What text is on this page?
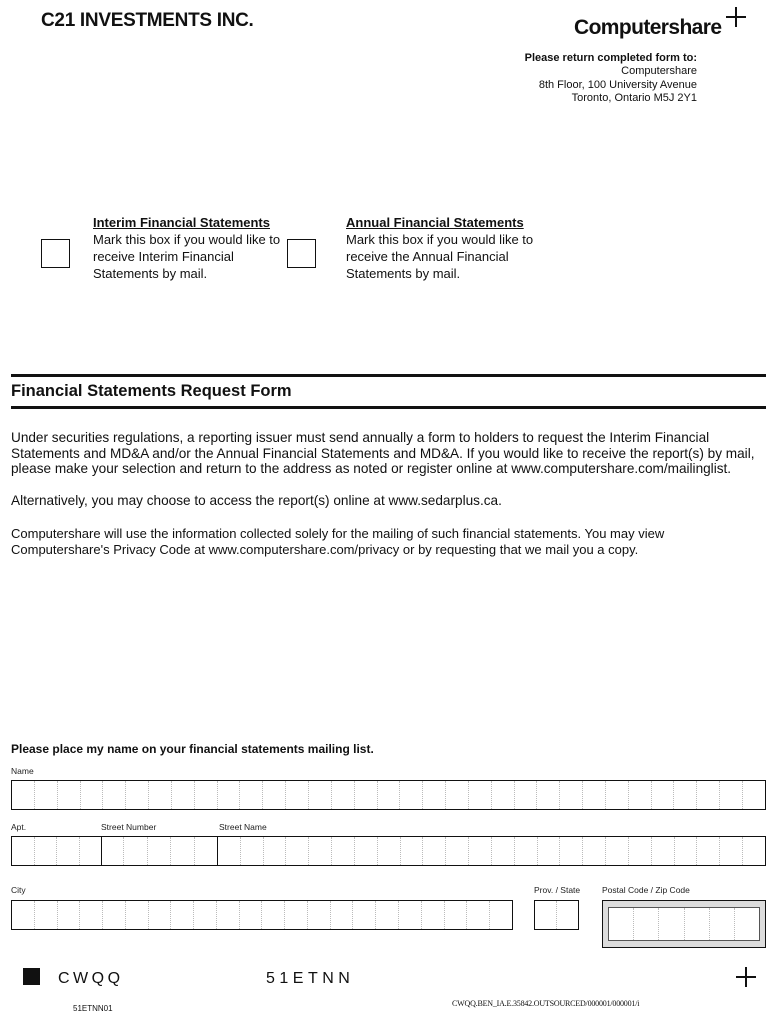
C21 INVESTMENTS INC.	Computershare
Please return completed form to:
Computershare
8th Floor, 100 University Avenue
Toronto, Ontario M5J 2Y1
Interim Financial Statements
Mark this box if you would like to
receive Interim Financial
Statements by mail.
Annual Financial Statements
Mark this box if you would like to
receive the Annual Financial
Statements by mail.
Financial Statements Request Form
Under securities regulations, a reporting issuer must send annually a form to holders to request the Interim Financial Statements and MD&A and/or the Annual Financial Statements and MD&A. If you would like to receive the report(s) by mail, please make your selection and return to the address as noted or register online at www.computershare.com/mailinglist.
Alternatively, you may choose to access the report(s) online at www.sedarplus.ca.
Computershare will use the information collected solely for the mailing of such financial statements. You may view Computershare's Privacy Code at www.computershare.com/privacy or by requesting that we mail you a copy.
Please place my name on your financial statements mailing list.
Name
Apt.	Street Number	Street Name
City	Prov. / State	Postal Code / Zip Code
CWQQ	51ETNN
51ETNN01
CWQQ.BEN_IA.E.35842.OUTSOURCED/000001/000001/i
